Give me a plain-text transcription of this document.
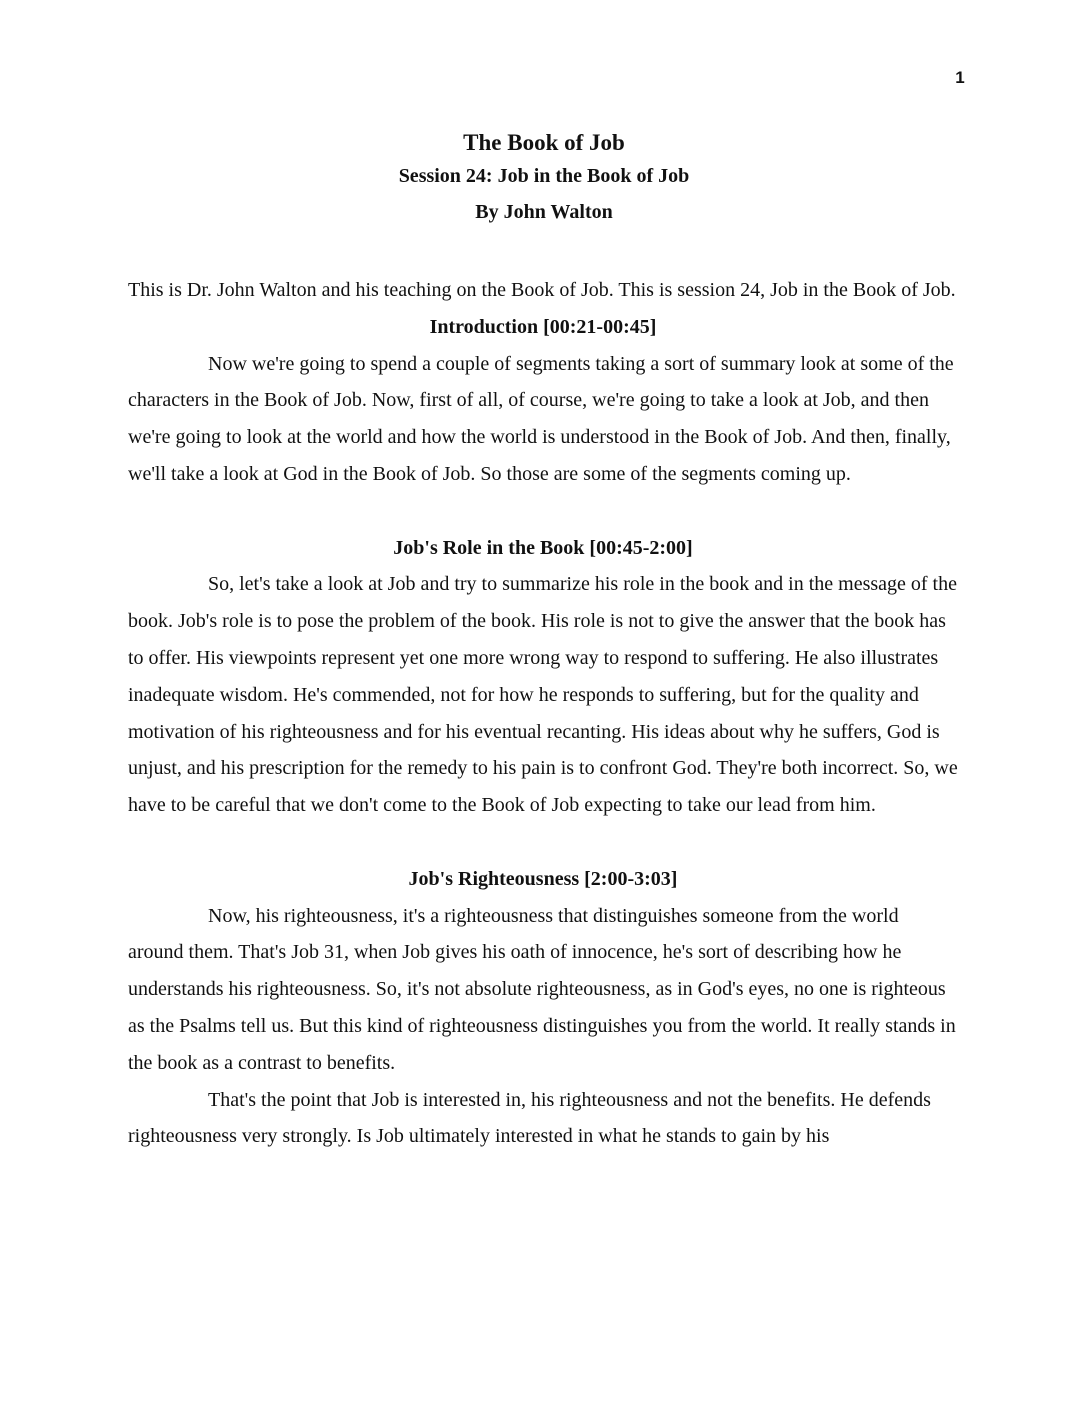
1

The Book of Job

Session 24: Job in the Book of Job

By John Walton

This is Dr. John Walton and his teaching on the Book of Job. This is session 24, Job in the Book of Job.

Introduction [00:21-00:45]

Now we're going to spend a couple of segments taking a sort of summary look at some of the characters in the Book of Job. Now, first of all, of course, we're going to take a look at Job, and then we're going to look at the world and how the world is understood in the Book of Job. And then, finally, we'll take a look at God in the Book of Job. So those are some of the segments coming up.

Job's Role in the Book [00:45-2:00]

So, let's take a look at Job and try to summarize his role in the book and in the message of the book. Job's role is to pose the problem of the book. His role is not to give the answer that the book has to offer. His viewpoints represent yet one more wrong way to respond to suffering. He also illustrates inadequate wisdom. He's commended, not for how he responds to suffering, but for the quality and motivation of his righteousness and for his eventual recanting. His ideas about why he suffers, God is unjust, and his prescription for the remedy to his pain is to confront God. They're both incorrect. So, we have to be careful that we don't come to the Book of Job expecting to take our lead from him.

Job's Righteousness [2:00-3:03]

Now, his righteousness, it's a righteousness that distinguishes someone from the world around them. That's Job 31, when Job gives his oath of innocence, he's sort of describing how he understands his righteousness. So, it's not absolute righteousness, as in God's eyes, no one is righteous as the Psalms tell us. But this kind of righteousness distinguishes you from the world. It really stands in the book as a contrast to benefits.

That's the point that Job is interested in, his righteousness and not the benefits. He defends righteousness very strongly. Is Job ultimately interested in what he stands to gain by his
